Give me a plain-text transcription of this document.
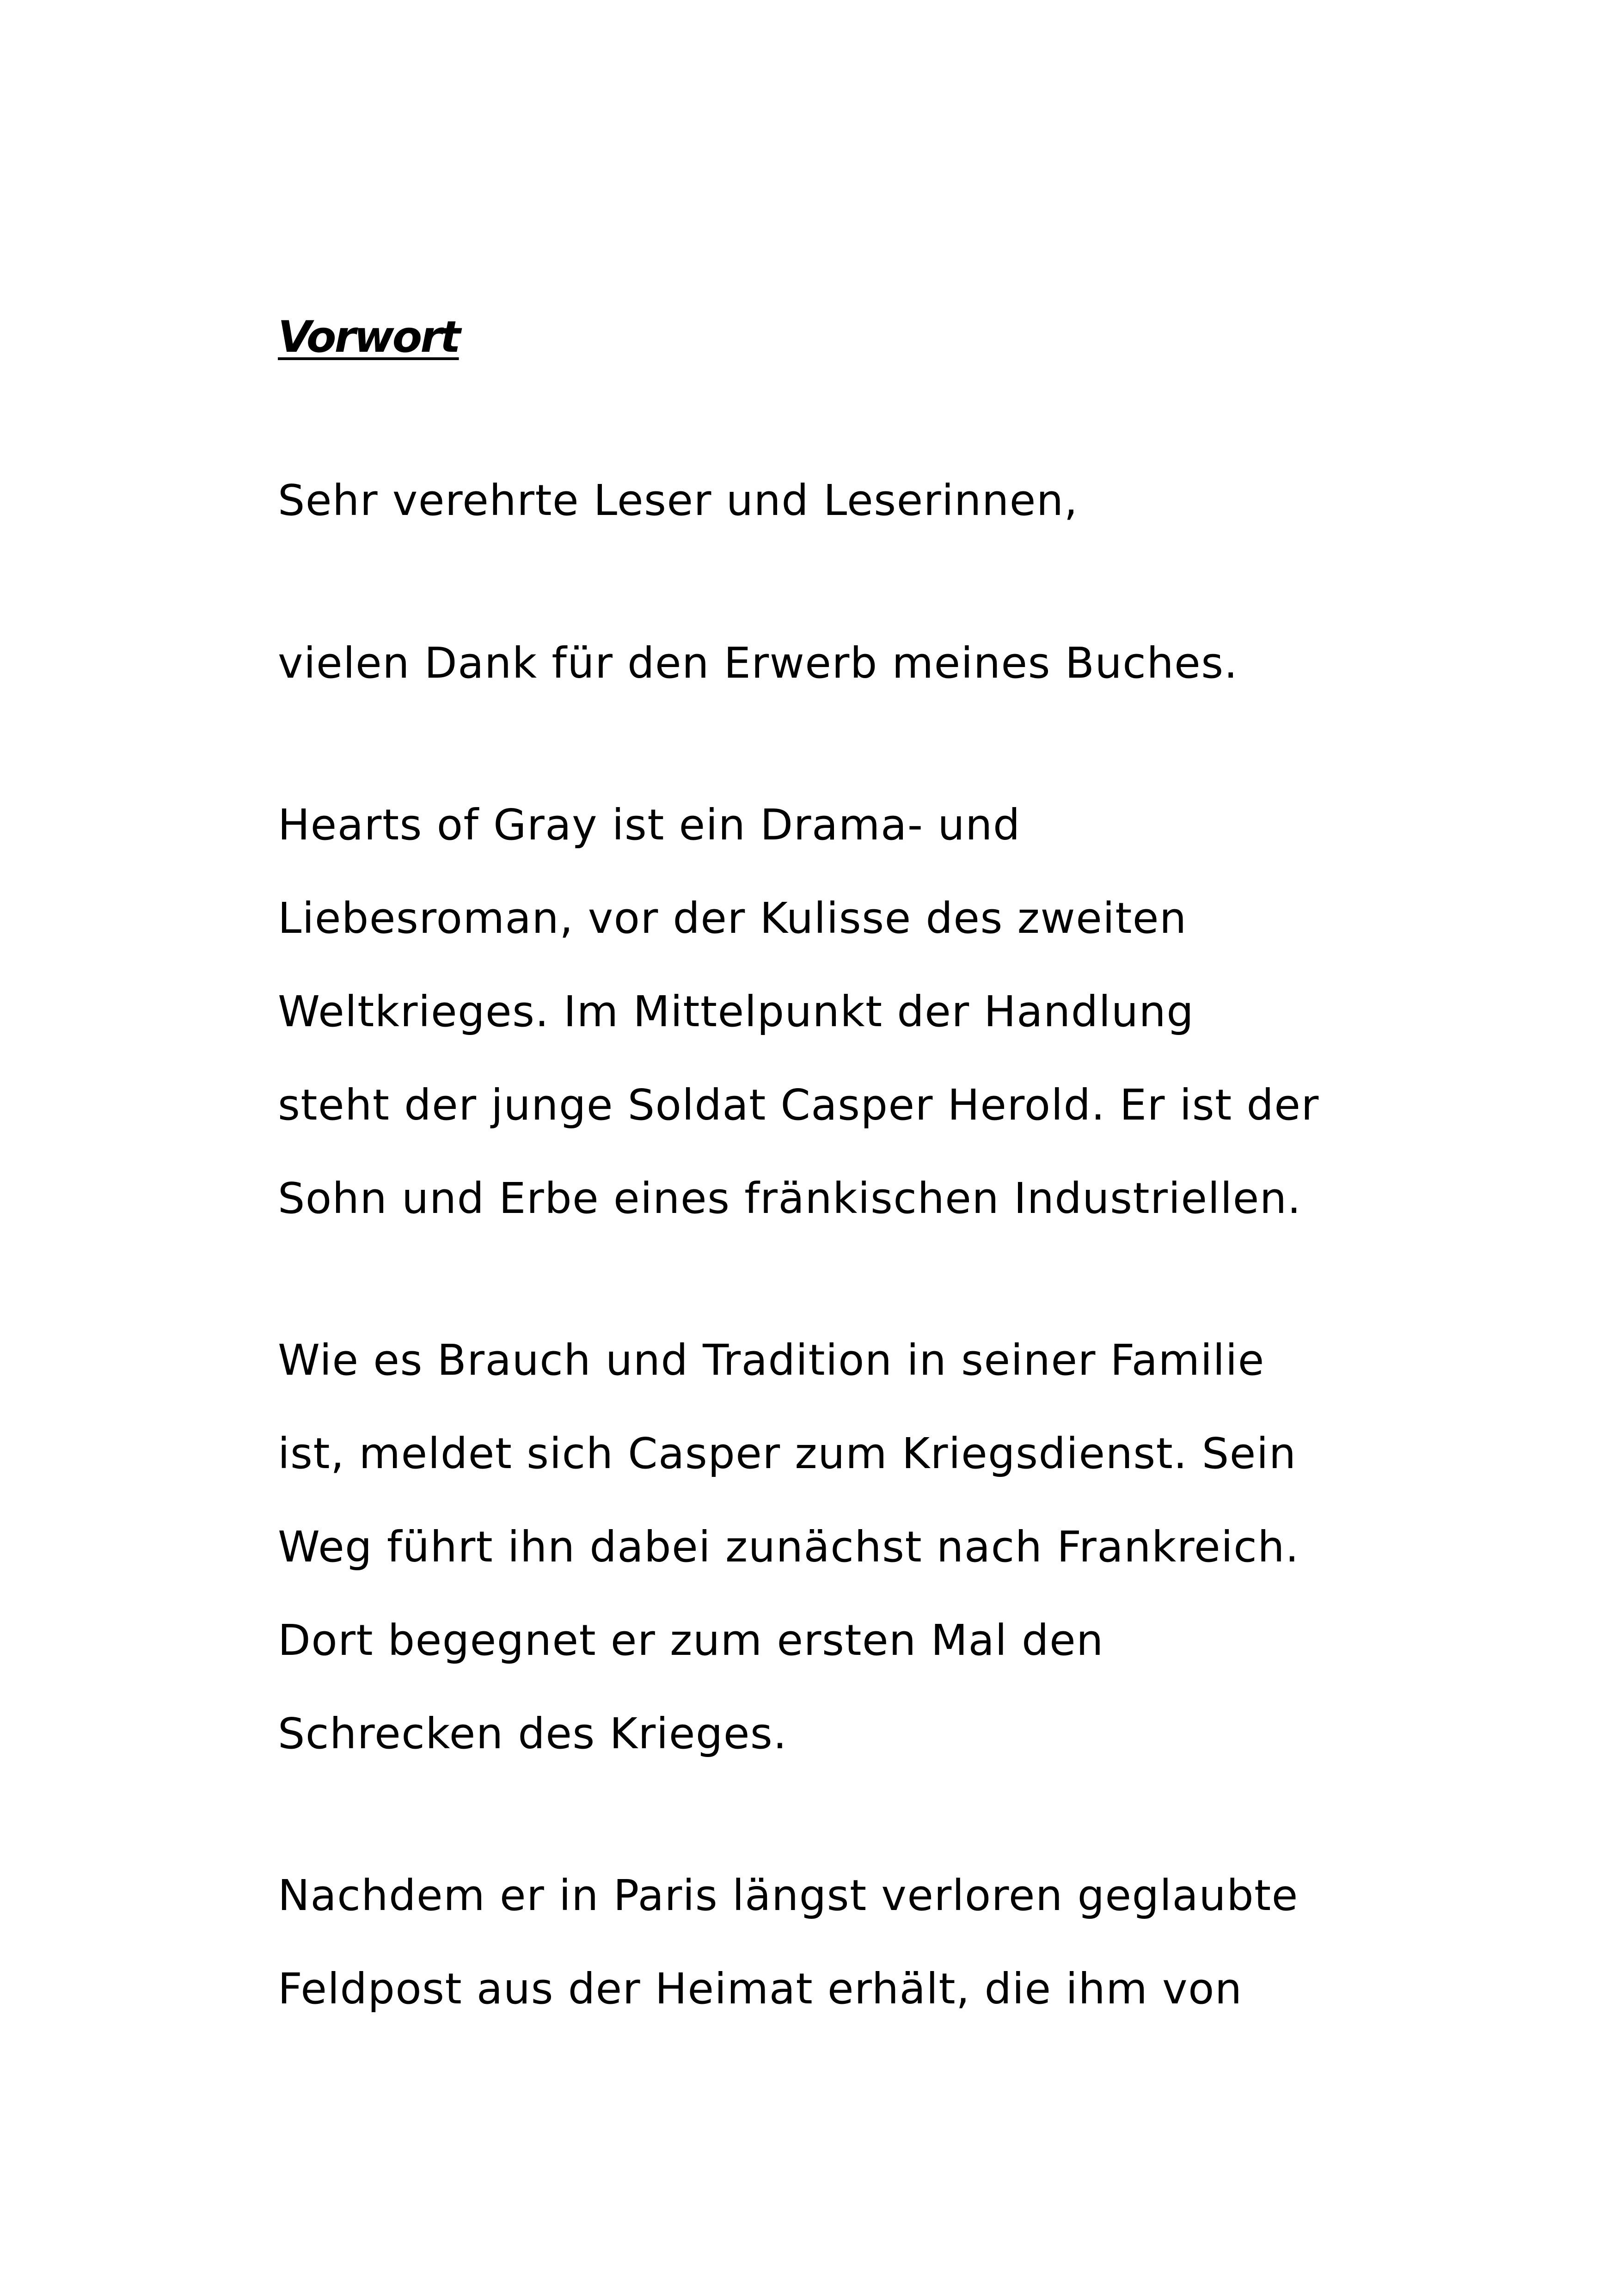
Vorwort

Sehr verehrte Leser und Leserinnen,

vielen Dank für den Erwerb meines Buches.

Hearts of Gray ist ein Drama- und
Liebesroman, vor der Kulisse des zweiten
Weltkrieges. Im Mittelpunkt der Handlung
steht der junge Soldat Casper Herold. Er ist der
Sohn und Erbe eines fränkischen Industriellen.

Wie es Brauch und Tradition in seiner Familie
ist, meldet sich Casper zum Kriegsdienst. Sein
Weg führt ihn dabei zunächst nach Frankreich.
Dort begegnet er zum ersten Mal den
Schrecken des Krieges.

Nachdem er in Paris längst verloren geglaubte
Feldpost aus der Heimat erhält, die ihm von
